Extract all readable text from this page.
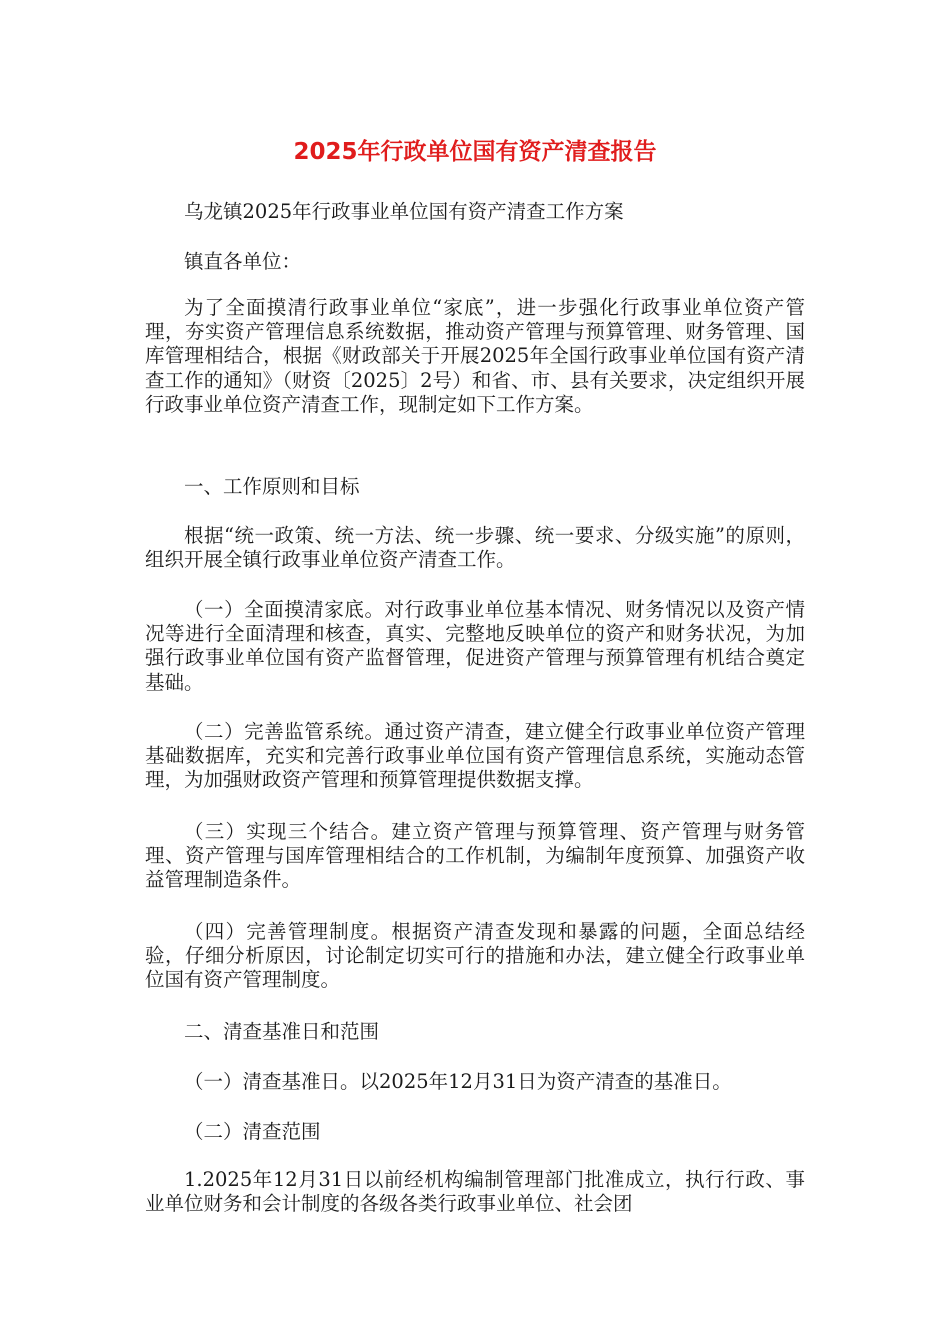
2025年行政单位国有资产清查报告

乌龙镇2025年行政事业单位国有资产清查工作方案

镇直各单位：

为了全面摸清行政事业单位“家底”，进一步强化行政事业单位资产管理，夯实资产管理信息系统数据，推动资产管理与预算管理、财务管理、国库管理相结合，根据《财政部关于开展2025年全国行政事业单位国有资产清查工作的通知》（财资〔2025〕2号）和省、市、县有关要求，决定组织开展行政事业单位资产清查工作，现制定如下工作方案。

一、工作原则和目标

根据“统一政策、统一方法、统一步骤、统一要求、分级实施”的原则，组织开展全镇行政事业单位资产清查工作。

（一）全面摸清家底。对行政事业单位基本情况、财务情况以及资产情况等进行全面清理和核查，真实、完整地反映单位的资产和财务状况，为加强行政事业单位国有资产监督管理，促进资产管理与预算管理有机结合奠定基础。

（二）完善监管系统。通过资产清查，建立健全行政事业单位资产管理基础数据库，充实和完善行政事业单位国有资产管理信息系统，实施动态管理，为加强财政资产管理和预算管理提供数据支撑。

（三）实现三个结合。建立资产管理与预算管理、资产管理与财务管理、资产管理与国库管理相结合的工作机制，为编制年度预算、加强资产收益管理制造条件。

（四）完善管理制度。根据资产清查发现和暴露的问题，全面总结经验，仔细分析原因，讨论制定切实可行的措施和办法，建立健全行政事业单位国有资产管理制度。

二、清查基准日和范围

（一）清查基准日。以2025年12月31日为资产清查的基准日。

（二）清查范围

1.2025年12月31日以前经机构编制管理部门批准成立，执行行政、事业单位财务和会计制度的各级各类行政事业单位、社会团
